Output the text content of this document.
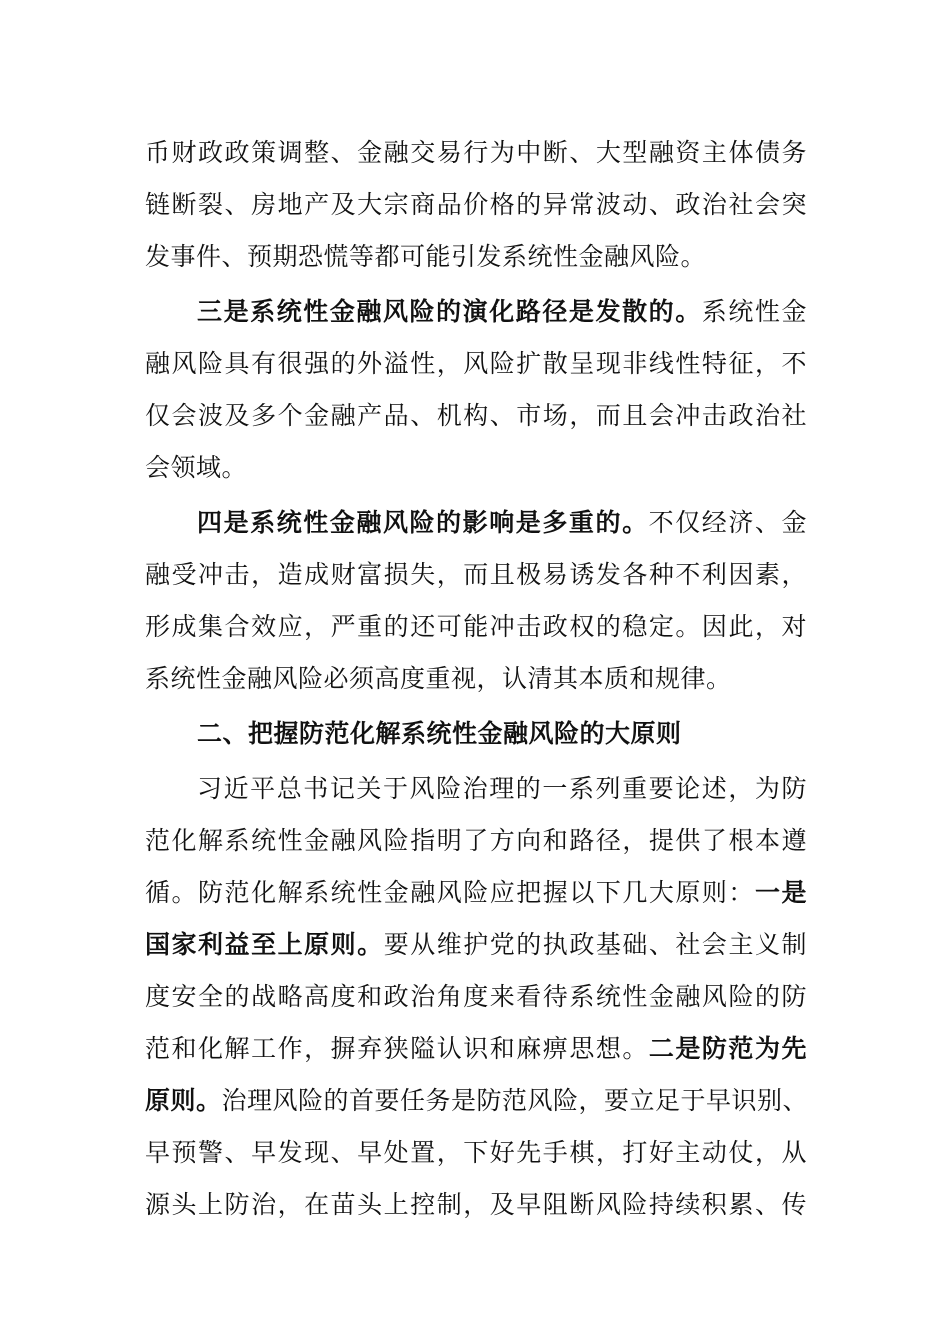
币财政政策调整、金融交易行为中断、大型融资主体债务
链断裂、房地产及大宗商品价格的异常波动、政治社会突
发事件、预期恐慌等都可能引发系统性金融风险。
三是系统性金融风险的演化路径是发散的。系统性金
融风险具有很强的外溢性，风险扩散呈现非线性特征，不
仅会波及多个金融产品、机构、市场，而且会冲击政治社
会领域。
四是系统性金融风险的影响是多重的。不仅经济、金
融受冲击，造成财富损失，而且极易诱发各种不利因素，
形成集合效应，严重的还可能冲击政权的稳定。因此，对
系统性金融风险必须高度重视，认清其本质和规律。
二、把握防范化解系统性金融风险的大原则
习近平总书记关于风险治理的一系列重要论述，为防
范化解系统性金融风险指明了方向和路径，提供了根本遵
循。防范化解系统性金融风险应把握以下几大原则：一是
国家利益至上原则。要从维护党的执政基础、社会主义制
度安全的战略高度和政治角度来看待系统性金融风险的防
范和化解工作，摒弃狭隘认识和麻痹思想。二是防范为先
原则。治理风险的首要任务是防范风险，要立足于早识别、
早预警、早发现、早处置，下好先手棋，打好主动仗，从
源头上防治，在苗头上控制，及早阻断风险持续积累、传
